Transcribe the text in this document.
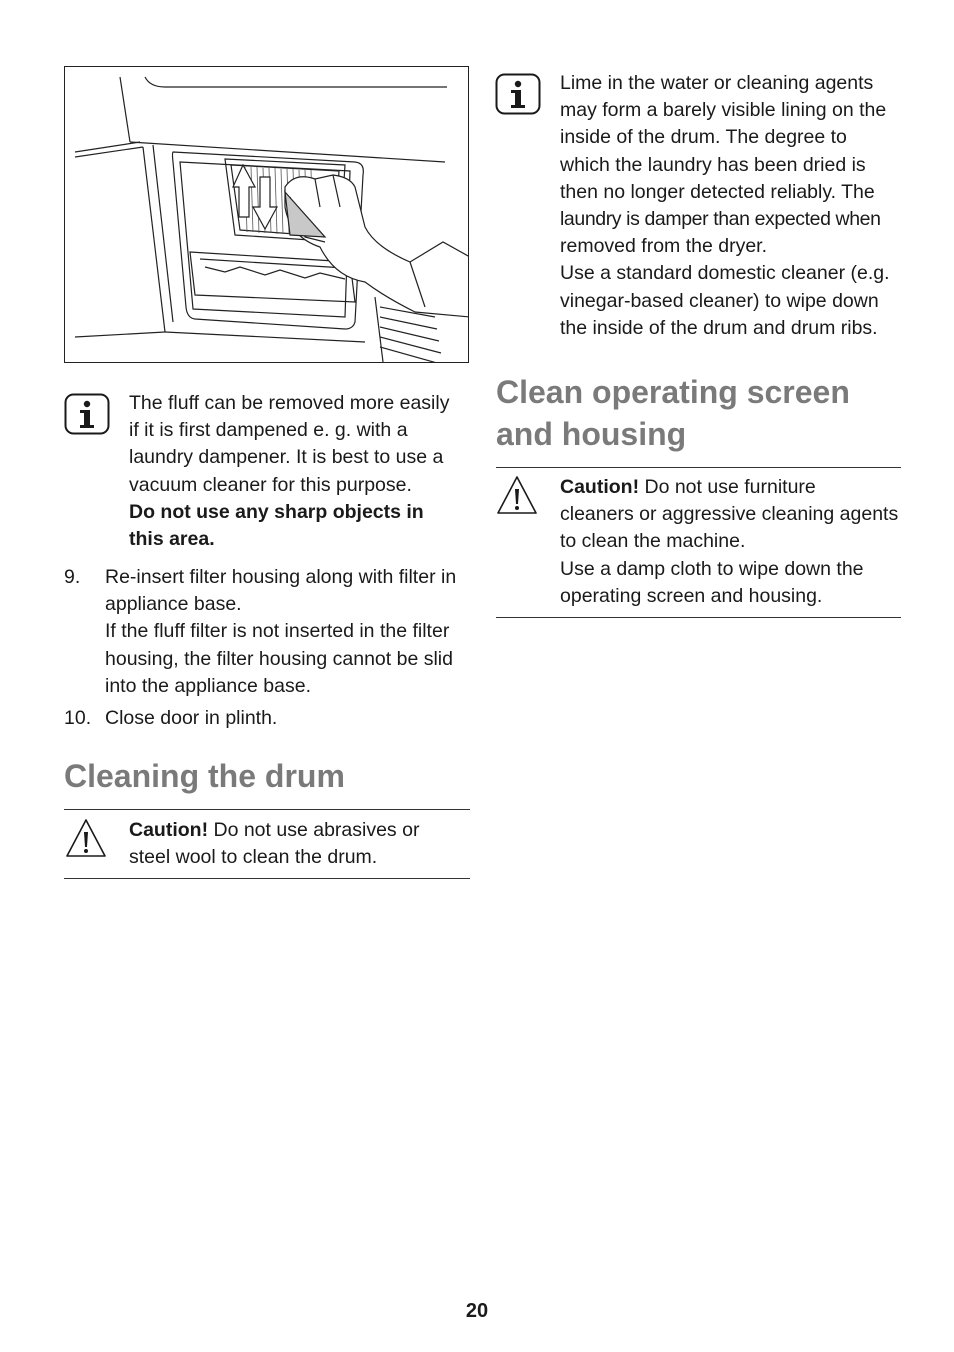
The fluff can be removed more easily
if it is first dampened e. g. with a
laundry dampener. It is best to use a
vacuum cleaner for this purpose.
Do not use any sharp objects in
this area.
9. Re-insert filter housing along with filter in
appliance base.
If the fluff filter is not inserted in the filter
housing, the filter housing cannot be slid
into the appliance base.
10. Close door in plinth.
Cleaning the drum
Caution! Do not use abrasives or
steel wool to clean the drum.
Lime in the water or cleaning agents
may form a barely visible lining on the
inside of the drum. The degree to
which the laundry has been dried is
then no longer detected reliably. The
laundry is damper than expected when
removed from the dryer.
Use a standard domestic cleaner (e.g.
vinegar-based cleaner) to wipe down
the inside of the drum and drum ribs.
Clean operating screen
and housing
Caution! Do not use furniture
cleaners or aggressive cleaning agents
to clean the machine.
Use a damp cloth to wipe down the
operating screen and housing.
20
